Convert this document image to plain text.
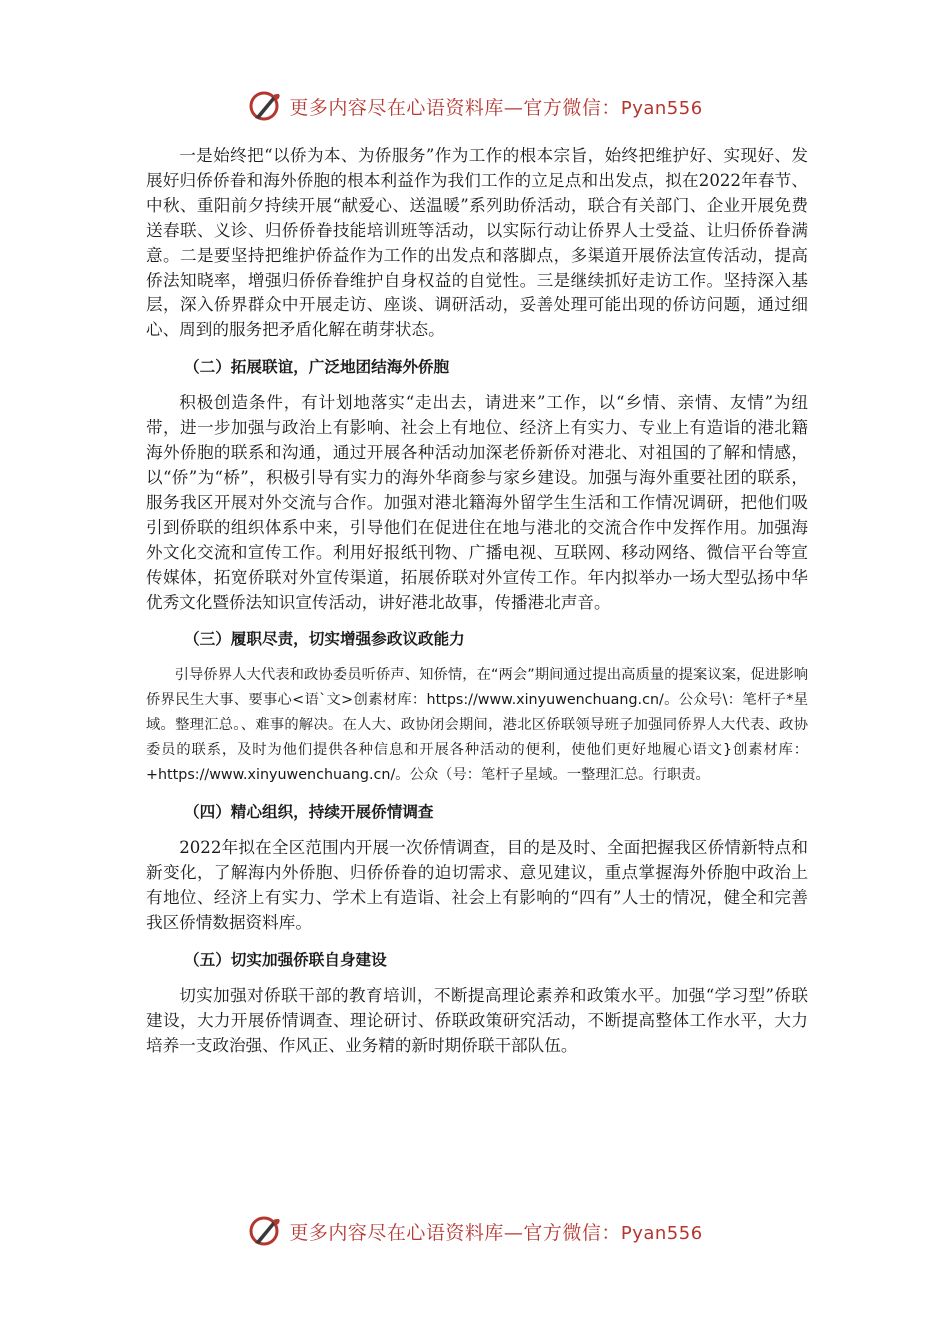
更多内容尽在心语资料库—官方微信：Pyan556

一是始终把“以侨为本、为侨服务”作为工作的根本宗旨，始终把维护好、实现好、发展好归侨侨眷和海外侨胞的根本利益作为我们工作的立足点和出发点，拟在2022年春节、中秋、重阳前夕持续开展“献爱心、送温暖”系列助侨活动，联合有关部门、企业开展免费送春联、义诊、归侨侨眷技能培训班等活动，以实际行动让侨界人士受益、让归侨侨眷满意。二是要坚持把维护侨益作为工作的出发点和落脚点，多渠道开展侨法宣传活动，提高侨法知晓率，增强归侨侨眷维护自身权益的自觉性。三是继续抓好走访工作。坚持深入基层，深入侨界群众中开展走访、座谈、调研活动，妥善处理可能出现的侨访问题，通过细心、周到的服务把矛盾化解在萌芽状态。

（二）拓展联谊，广泛地团结海外侨胞

积极创造条件，有计划地落实“走出去，请进来”工作，以“乡情、亲情、友情”为纽带，进一步加强与政治上有影响、社会上有地位、经济上有实力、专业上有造诣的港北籍海外侨胞的联系和沟通，通过开展各种活动加深老侨新侨对港北、对祖国的了解和情感，以“侨”为“桥”，积极引导有实力的海外华商参与家乡建设。加强与海外重要社团的联系，服务我区开展对外交流与合作。加强对港北籍海外留学生生活和工作情况调研，把他们吸引到侨联的组织体系中来，引导他们在促进住在地与港北的交流合作中发挥作用。加强海外文化交流和宣传工作。利用好报纸刊物、广播电视、互联网、移动网络、微信平台等宣传媒体，拓宽侨联对外宣传渠道，拓展侨联对外宣传工作。年内拟举办一场大型弘扬中华优秀文化暨侨法知识宣传活动，讲好港北故事，传播港北声音。

（三）履职尽责，切实增强参政议政能力

引导侨界人大代表和政协委员听侨声、知侨情，在“两会”期间通过提出高质量的提案议案，促进影响侨界民生大事、要事心<语`文>创素材库：https://www.xinyuwenchuang.cn/。公众号\：笔杆子*星域。整理汇总。、难事的解决。在人大、政协闭会期间，港北区侨联领导班子加强同侨界人大代表、政协委员的联系，及时为他们提供各种信息和开展各种活动的便利，使他们更好地履心语文}创素材库：+https://www.xinyuwenchuang.cn/。公众（号：笔杆子星域。一整理汇总。行职责。

（四）精心组织，持续开展侨情调查

2022年拟在全区范围内开展一次侨情调查，目的是及时、全面把握我区侨情新特点和新变化，了解海内外侨胞、归侨侨眷的迫切需求、意见建议，重点掌握海外侨胞中政治上有地位、经济上有实力、学术上有造诣、社会上有影响的“四有”人士的情况，健全和完善我区侨情数据资料库。

（五）切实加强侨联自身建设

切实加强对侨联干部的教育培训，不断提高理论素养和政策水平。加强“学习型”侨联建设，大力开展侨情调查、理论研讨、侨联政策研究活动，不断提高整体工作水平，大力培养一支政治强、作风正、业务精的新时期侨联干部队伍。

更多内容尽在心语资料库—官方微信：Pyan556
